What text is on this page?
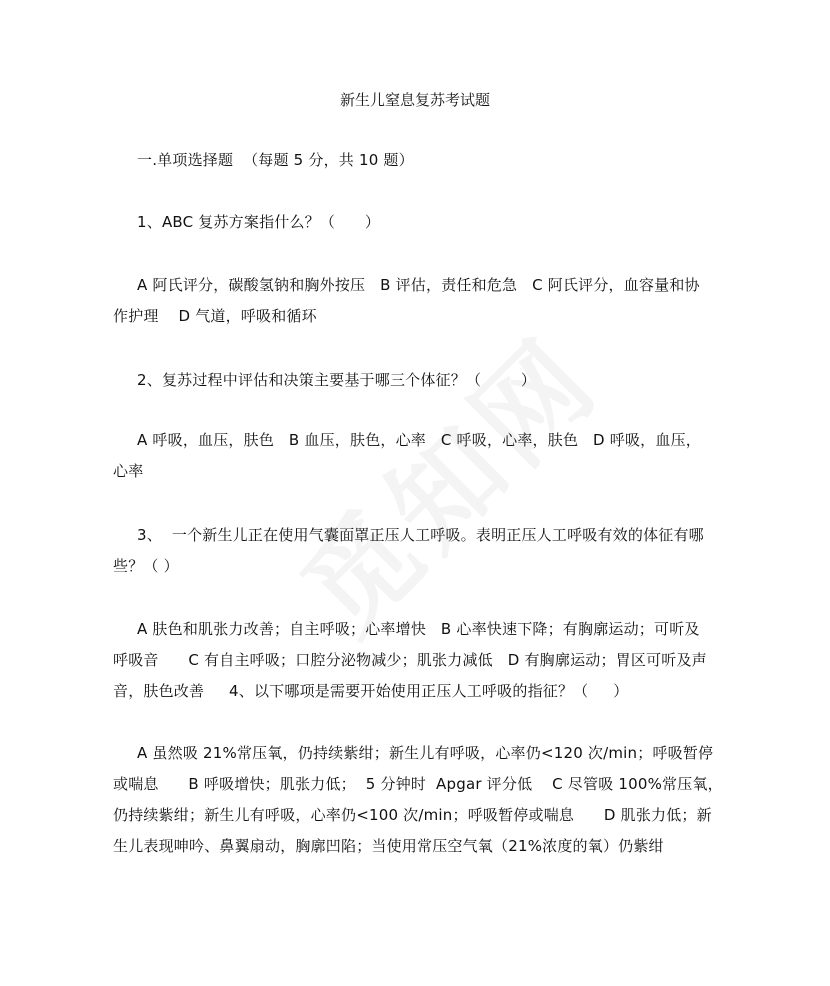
新生儿窒息复苏考试题
一.单项选择题  （每题 5 分，共 10 题）
1、ABC 复苏方案指什么？（      ）
A 阿氏评分，碳酸氢钠和胸外按压   B 评估，责任和危急   C 阿氏评分，血容量和协
作护理    D 气道，呼吸和循环
2、复苏过程中评估和决策主要基于哪三个体征？（        ）
A 呼吸，血压，肤色   B 血压，肤色，心率   C 呼吸，心率，肤色   D 呼吸，血压，
心率
3、  一个新生儿正在使用气囊面罩正压人工呼吸。表明正压人工呼吸有效的体征有哪
些？（ ）
A 肤色和肌张力改善；自主呼吸；心率增快   B 心率快速下降；有胸廓运动；可听及
呼吸音      C 有自主呼吸；口腔分泌物减少；肌张力减低   D 有胸廓运动；胃区可听及声
音，肤色改善     4、以下哪项是需要开始使用正压人工呼吸的指征？（     ）
A 虽然吸 21%常压氧，仍持续紫绀；新生儿有呼吸，心率仍<120 次/min；呼吸暂停
或喘息      B 呼吸增快；肌张力低；  5 分钟时  Apgar 评分低    C 尽管吸 100%常压氧，
仍持续紫绀；新生儿有呼吸，心率仍<100 次/min；呼吸暂停或喘息      D 肌张力低；新
生儿表现呻吟、鼻翼扇动，胸廓凹陷；当使用常压空气氧（21%浓度的氧）仍紫绀
